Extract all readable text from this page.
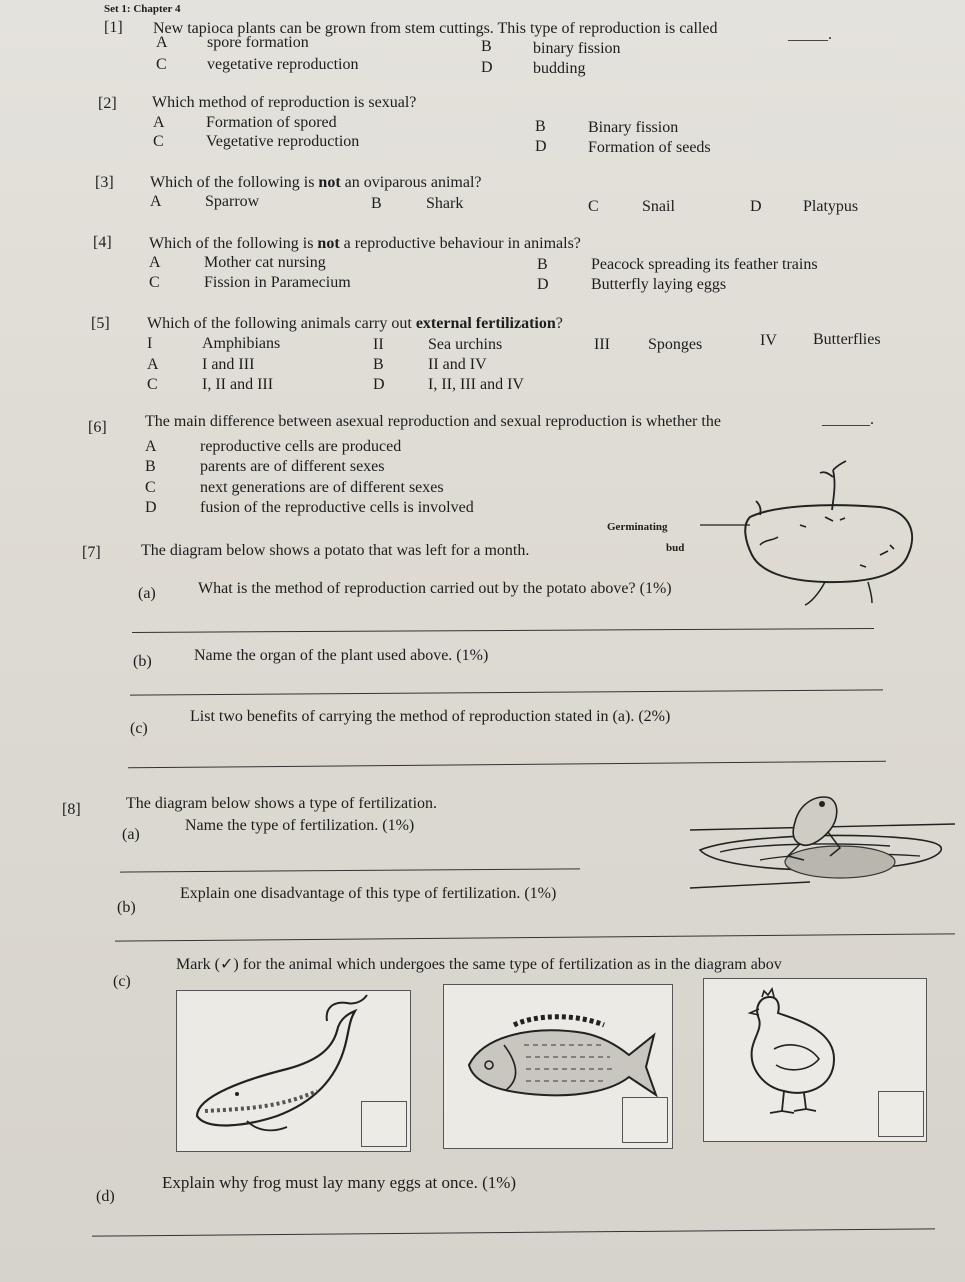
Set 1: Chapter 4
[1] New tapioca plants can be grown from stem cuttings. This type of reproduction is called	_____.
A spore formation	B	binary fission
C	vegetative reproduction	D	budding
[2] Which method of reproduction is sexual?
A	Formation of spored	B	Binary fission
C	Vegetative reproduction	D	Formation of seeds
[3] Which of the following is not an oviparous animal?
A	Sparrow	B	Shark	C	Snail	D	Platypus
[4] Which of the following is not a reproductive behaviour in animals?
A	Mother cat nursing	B	Peacock spreading its feather trains
C	Fission in Paramecium	D	Butterfly laying eggs
[5] Which of the following animals carry out external fertilization?
I	Amphibians	II	Sea urchins	III Sponges	IV Butterflies
A	I and III	B	II and IV
C	I, II and III	D	I, II, III and IV
[6] The main difference between asexual reproduction and sexual reproduction is whether the	______.
A	reproductive cells are produced
B	parents are of different sexes
C	next generations are of different sexes
D	fusion of the reproductive cells is involved
[7]	The diagram below shows a potato that was left for a month.
Germinating
bud
(a)	What is the method of reproduction carried out by the potato above? (1%)
(b)	Name the organ of the plant used above. (1%)
(c)
List two benefits of carrying the method of reproduction stated in (a). (2%)
[8]	The diagram below shows a type of fertilization.
(a)
Name the type of fertilization. (1%)
(b)
Explain one disadvantage of this type of fertilization. (1%)
(c)
Mark (✓) for the animal which undergoes the same type of fertilization as in the diagram abov
(d)
Explain why frog must lay many eggs at once. (1%)
